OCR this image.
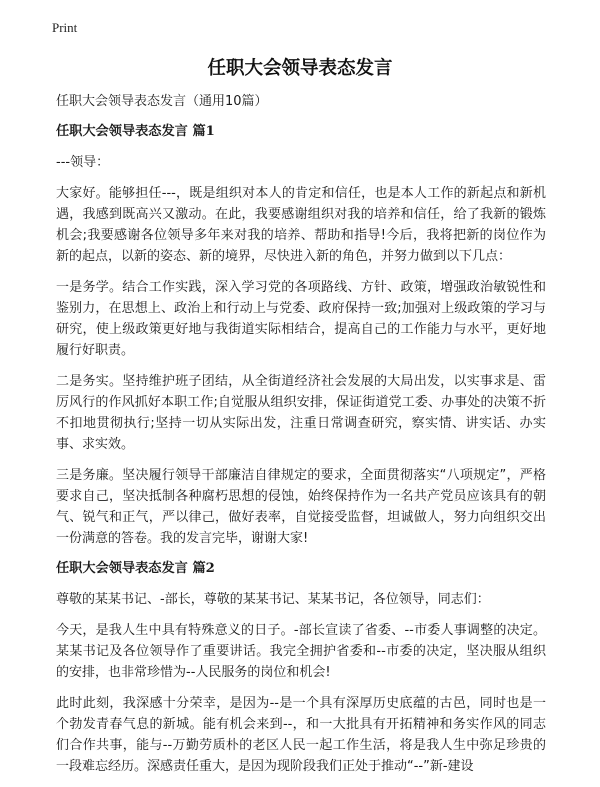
Print
任职大会领导表态发言

任职大会领导表态发言（通用10篇）

任职大会领导表态发言 篇1

---领导：

大家好。能够担任---，既是组织对本人的肯定和信任，也是本人工作的新起点和新机遇，我感到既高兴又激动。在此，我要感谢组织对我的培养和信任，给了我新的锻炼机会;我要感谢各位领导多年来对我的培养、帮助和指导!今后，我将把新的岗位作为新的起点，以新的姿态、新的境界，尽快进入新的角色，并努力做到以下几点：

一是务学。结合工作实践，深入学习党的各项路线、方针、政策，增强政治敏锐性和鉴别力，在思想上、政治上和行动上与党委、政府保持一致;加强对上级政策的学习与研究，使上级政策更好地与我街道实际相结合，提高自己的工作能力与水平，更好地履行好职责。

二是务实。坚持维护班子团结，从全街道经济社会发展的大局出发，以实事求是、雷厉风行的作风抓好本职工作;自觉服从组织安排，保证街道党工委、办事处的决策不折不扣地贯彻执行;坚持一切从实际出发，注重日常调查研究，察实情、讲实话、办实事、求实效。

三是务廉。坚决履行领导干部廉洁自律规定的要求，全面贯彻落实“八项规定”，严格要求自己，坚决抵制各种腐朽思想的侵蚀，始终保持作为一名共产党员应该具有的朝气、锐气和正气，严以律己，做好表率，自觉接受监督，坦诚做人，努力向组织交出一份满意的答卷。我的发言完毕，谢谢大家!

任职大会领导表态发言 篇2

尊敬的某某书记、-部长，尊敬的某某书记、某某书记，各位领导，同志们：

今天，是我人生中具有特殊意义的日子。-部长宣读了省委、--市委人事调整的决定。某某书记及各位领导作了重要讲话。我完全拥护省委和--市委的决定，坚决服从组织的安排，也非常珍惜为--人民服务的岗位和机会!

此时此刻，我深感十分荣幸，是因为--是一个具有深厚历史底蕴的古邑，同时也是一个勃发青春气息的新城。能有机会来到--，和一大批具有开拓精神和务实作风的同志们合作共事，能与--万勤劳质朴的老区人民一起工作生活，将是我人生中弥足珍贵的一段难忘经历。深感责任重大，是因为现阶段我们正处于推动“--”新-建设
